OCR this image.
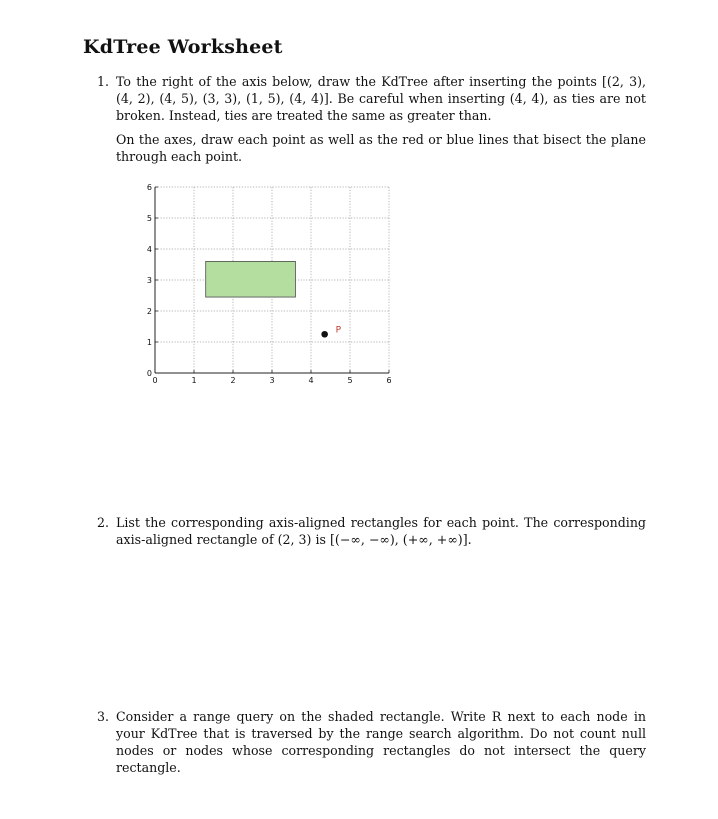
KdTree Worksheet
1. To the right of the axis below, draw the KdTree after inserting the points [(2, 3), (4, 2), (4, 5), (3, 3), (1, 5), (4, 4)]. Be careful when inserting (4, 4), as ties are not broken. Instead, ties are treated the same as greater than.

On the axes, draw each point as well as the red or blue lines that bisect the plane through each point.

0	1	2	3	4	5	6
0
1
2
3
4
5
6
P
2. List the corresponding axis-aligned rectangles for each point. The corresponding axis-aligned rectangle of (2, 3) is [(−∞, −∞), (+∞, +∞)].

3. Consider a range query on the shaded rectangle. Write R next to each node in your KdTree that is traversed by the range search algorithm. Do not count null nodes or nodes whose corresponding rectangles do not intersect the query rectangle.
